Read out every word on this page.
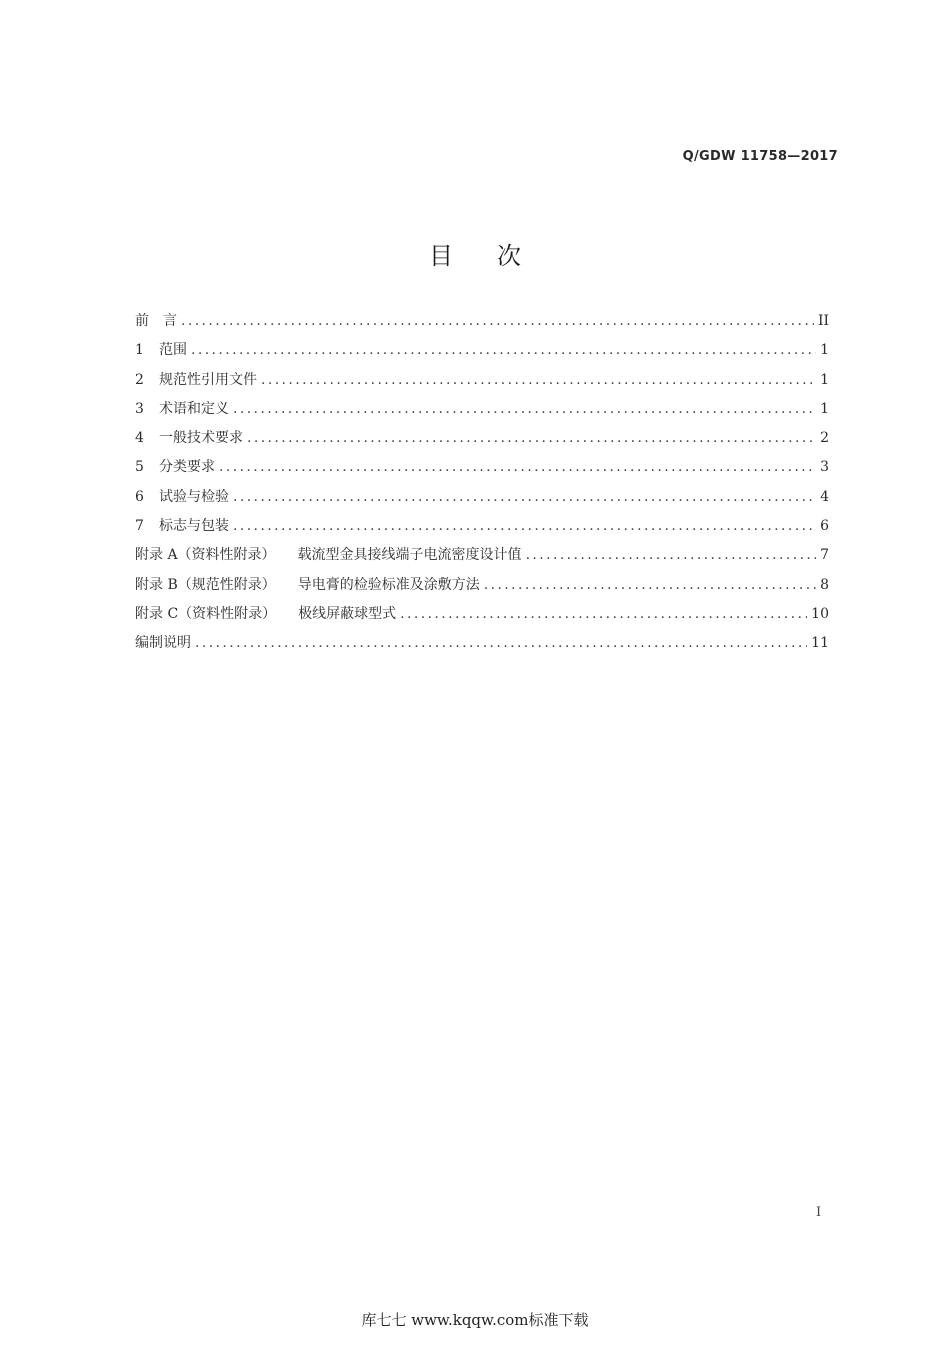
Q/GDW 11758—2017
目次
前　言 .....	II
1 范围 .....	1
2 规范性引用文件 .....	1
3 术语和定义 .....	1
4 一般技术要求 .....	2
5 分类要求 .....	3
6 试验与检验 .....	4
7 标志与包装 .....	6
附录 A（资料性附录） 载流型金具接线端子电流密度设计值 .....	7
附录 B（规范性附录） 导电膏的检验标准及涂敷方法 .....	8
附录 C（资料性附录） 极线屏蔽球型式 .....	10
编制说明 .....	11
I
库七七 www.kqqw.com标准下载
